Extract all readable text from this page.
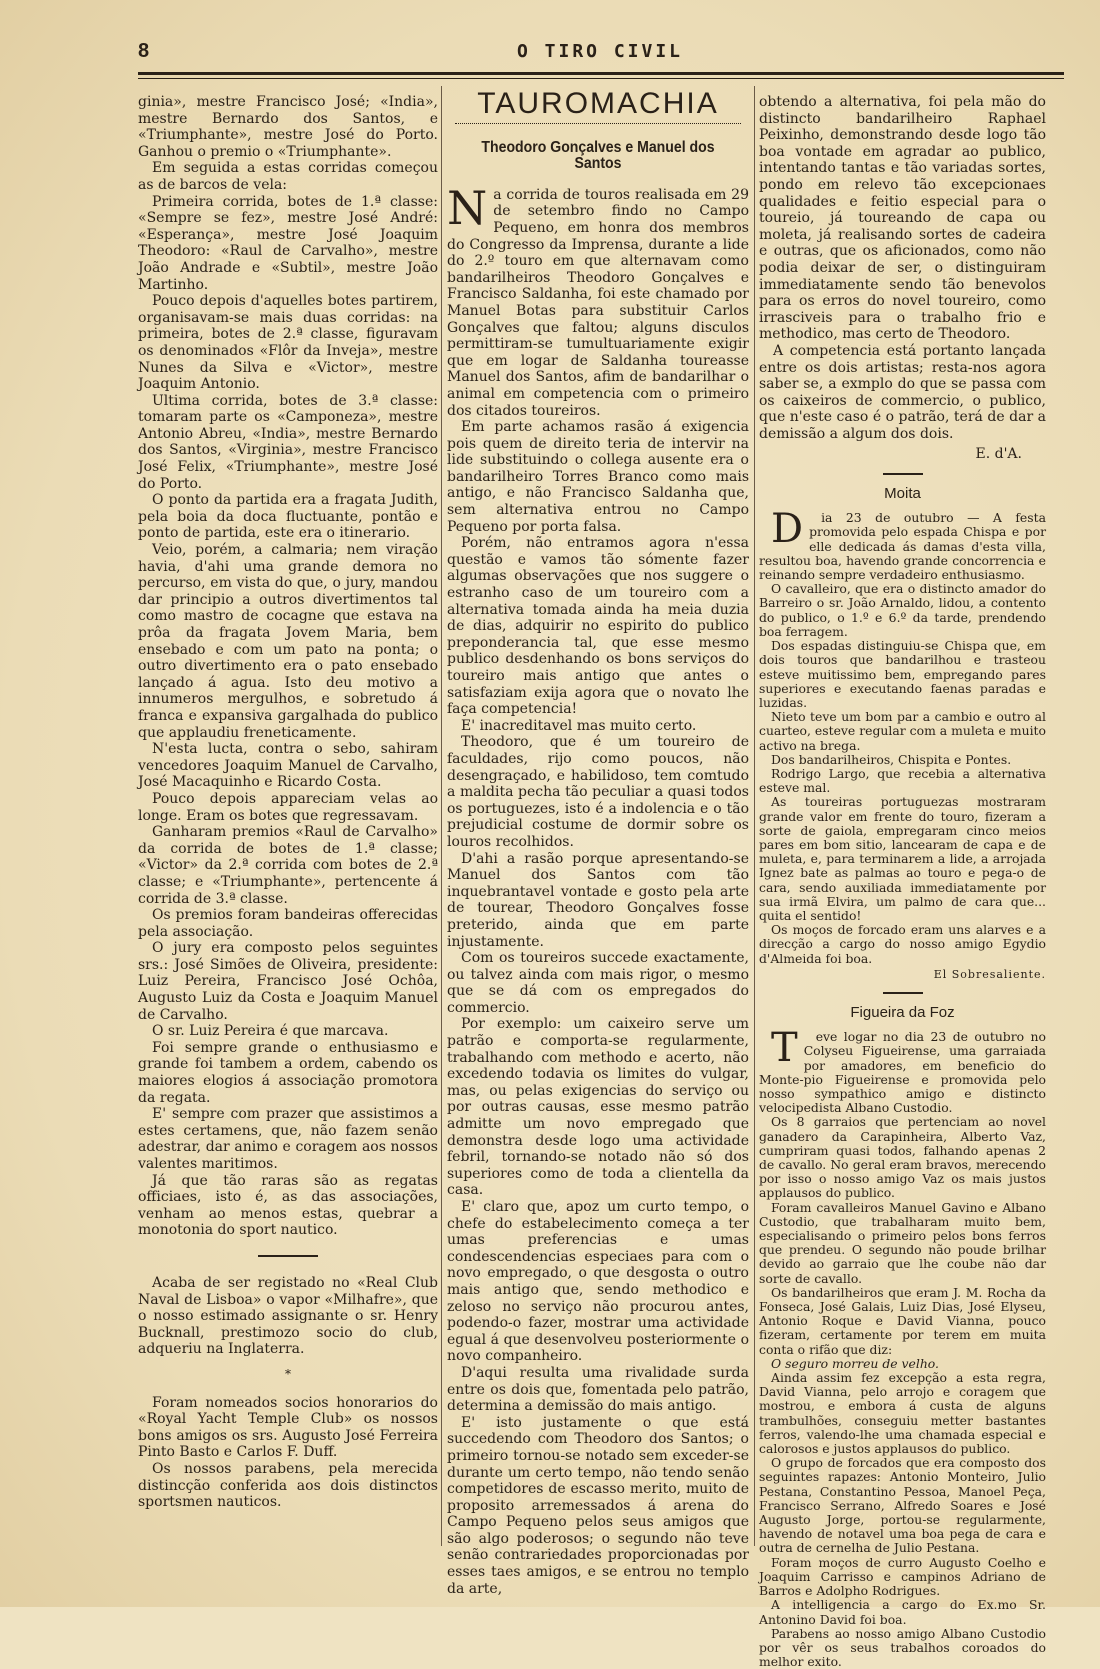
8	O TIRO CIVIL

ginia», mestre Francisco José; «India», mestre Bernardo dos Santos, e «Triumphante», mestre José do Porto. Ganhou o premio o «Triumphante».

Em seguida a estas corridas começou as de barcos de vela:

Primeira corrida, botes de 1.ª classe: «Sempre se fez», mestre José André: «Esperança», mestre José Joaquim Theodoro: «Raul de Carvalho», mestre João Andrade e «Subtil», mestre João Martinho.

Pouco depois d'aquelles botes partirem, organisavam-se mais duas corridas: na primeira, botes de 2.ª classe, figuravam os denominados «Flôr da Inveja», mestre Nunes da Silva e «Victor», mestre Joaquim Antonio.

Ultima corrida, botes de 3.ª classe: tomaram parte os «Camponeza», mestre Antonio Abreu, «India», mestre Bernardo dos Santos, «Virginia», mestre Francisco José Felix, «Triumphante», mestre José do Porto.

O ponto da partida era a fragata Judith, pela boia da doca fluctuante, pontão e ponto de partida, este era o itinerario.

Veio, porém, a calmaria; nem viração havia, d'ahi uma grande demora no percurso, em vista do que, o jury, mandou dar principio a outros divertimentos tal como mastro de cocagne que estava na prôa da fragata Jovem Maria, bem ensebado e com um pato na ponta; o outro divertimento era o pato ensebado lançado á agua. Isto deu motivo a innumeros mergulhos, e sobretudo á franca e expansiva gargalhada do publico que applaudiu freneticamente.

N'esta lucta, contra o sebo, sahiram vencedores Joaquim Manuel de Carvalho, José Macaquinho e Ricardo Costa.

Pouco depois appareciam velas ao longe. Eram os botes que regressavam.

Ganharam premios «Raul de Carvalho» da corrida de botes de 1.ª classe; «Victor» da 2.ª corrida com botes de 2.ª classe; e «Triumphante», pertencente á corrida de 3.ª classe.

Os premios foram bandeiras offerecidas pela associação.

O jury era composto pelos seguintes srs.: José Simões de Oliveira, presidente: Luiz Pereira, Francisco José Ochôa, Augusto Luiz da Costa e Joaquim Manuel de Carvalho.

O sr. Luiz Pereira é que marcava.

Foi sempre grande o enthusiasmo e grande foi tambem a ordem, cabendo os maiores elogios á associação promotora da regata.

E' sempre com prazer que assistimos a estes certamens, que, não fazem senão adestrar, dar animo e coragem aos nossos valentes maritimos.

Já que tão raras são as regatas officiaes, isto é, as das associações, venham ao menos estas, quebrar a monotonia do sport nautico.

Acaba de ser registado no «Real Club Naval de Lisboa» o vapor «Milhafre», que o nosso estimado assignante o sr. Henry Bucknall, prestimozo socio do club, adqueriu na Inglaterra.

*

Foram nomeados socios honorarios do «Royal Yacht Temple Club» os nossos bons amigos os srs. Augusto José Ferreira Pinto Basto e Carlos F. Duff.

Os nossos parabens, pela merecida distincção conferida aos dois distinctos sportsmen nauticos.

TAUROMACHIA
Theodoro Gonçalves e Manuel dos Santos

Na corrida de touros realisada em 29 de setembro findo no Campo Pequeno, em honra dos membros do Congresso da Imprensa, durante a lide do 2.º touro em que alternavam como bandarilheiros Theodoro Gonçalves e Francisco Saldanha, foi este chamado por Manuel Botas para substituir Carlos Gonçalves que faltou; alguns disculos permittiram-se tumultuariamente exigir que em logar de Saldanha toureasse Manuel dos Santos, afim de bandarilhar o animal em competencia com o primeiro dos citados toureiros.

Em parte achamos rasão á exigencia pois quem de direito teria de intervir na lide substituindo o collega ausente era o bandarilheiro Torres Branco como mais antigo, e não Francisco Saldanha que, sem alternativa entrou no Campo Pequeno por porta falsa.

Porém, não entramos agora n'essa questão e vamos tão sómente fazer algumas observações que nos suggere o estranho caso de um toureiro com a alternativa tomada ainda ha meia duzia de dias, adquirir no espirito do publico preponderancia tal, que esse mesmo publico desdenhando os bons serviços do toureiro mais antigo que antes o satisfaziam exija agora que o novato lhe faça competencia!

E' inacreditavel mas muito certo.

Theodoro, que é um toureiro de faculdades, rijo como poucos, não desengraçado, e habilidoso, tem comtudo a maldita pecha tão peculiar a quasi todos os portuguezes, isto é a indolencia e o tão prejudicial costume de dormir sobre os louros recolhidos.

D'ahi a rasão porque apresentando-se Manuel dos Santos com tão inquebrantavel vontade e gosto pela arte de tourear, Theodoro Gonçalves fosse preterido, ainda que em parte injustamente.

Com os toureiros succede exactamente, ou talvez ainda com mais rigor, o mesmo que se dá com os empregados do commercio.

Por exemplo: um caixeiro serve um patrão e comporta-se regularmente, trabalhando com methodo e acerto, não excedendo todavia os limites do vulgar, mas, ou pelas exigencias do serviço ou por outras causas, esse mesmo patrão admitte um novo empregado que demonstra desde logo uma actividade febril, tornando-se notado não só dos superiores como de toda a clientella da casa.

E' claro que, apoz um curto tempo, o chefe do estabelecimento começa a ter umas preferencias e umas condescendencias especiaes para com o novo empregado, o que desgosta o outro mais antigo que, sendo methodico e zeloso no serviço não procurou antes, podendo-o fazer, mostrar uma actividade egual á que desenvolveu posteriormente o novo companheiro.

D'aqui resulta uma rivalidade surda entre os dois que, fomentada pelo patrão, determina a demissão do mais antigo.

E' isto justamente o que está succedendo com Theodoro dos Santos; o primeiro tornou-se notado sem exceder-se durante um certo tempo, não tendo senão competidores de escasso merito, muito de proposito arremessados á arena do Campo Pequeno pelos seus amigos que são algo poderosos; o segundo não teve senão contrariedades proporcionadas por esses taes amigos, e se entrou no templo da arte,

obtendo a alternativa, foi pela mão do distincto bandarilheiro Raphael Peixinho, demonstrando desde logo tão boa vontade em agradar ao publico, intentando tantas e tão variadas sortes, pondo em relevo tão excepcionaes qualidades e feitio especial para o toureio, já toureando de capa ou moleta, já realisando sortes de cadeira e outras, que os aficionados, como não podia deixar de ser, o distinguiram immediatamente sendo tão benevolos para os erros do novel toureiro, como irrasciveis para o trabalho frio e methodico, mas certo de Theodoro.

A competencia está portanto lançada entre os dois artistas; resta-nos agora saber se, a exmplo do que se passa com os caixeiros de commercio, o publico, que n'este caso é o patrão, terá de dar a demissão a algum dos dois.

E. d'A.
Moita

D ia 23 de outubro — A festa promovida pelo espada Chispa e por elle dedicada ás damas d'esta villa, resultou boa, havendo grande concorrencia e reinando sempre verdadeiro enthusiasmo.

O cavalleiro, que era o distincto amador do Barreiro o sr. João Arnaldo, lidou, a contento do publico, o 1.º e 6.º da tarde, prendendo boa ferragem.

Dos espadas distinguiu-se Chispa que, em dois touros que bandarilhou e trasteou esteve muitissimo bem, empregando pares superiores e executando faenas paradas e luzidas.

Nieto teve um bom par a cambio e outro al cuarteo, esteve regular com a muleta e muito activo na brega.

Dos bandarilheiros, Chispita e Pontes.

Rodrigo Largo, que recebia a alternativa esteve mal.

As toureiras portuguezas mostraram grande valor em frente do touro, fizeram a sorte de gaiola, empregaram cinco meios pares em bom sitio, lancearam de capa e de muleta, e, para terminarem a lide, a arrojada Ignez bate as palmas ao touro e pega-o de cara, sendo auxiliada immediatamente por sua irmã Elvira, um palmo de cara que... quita el sentido!

Os moços de forcado eram uns alarves e a direcção a cargo do nosso amigo Egydio d'Almeida foi boa.

El Sobresaliente.
Figueira da Foz

T eve logar no dia 23 de outubro no Colyseu Figueirense, uma garraiada por amadores, em beneficio do Monte-pio Figueirense e promovida pelo nosso sympathico amigo e distincto velocipedista Albano Custodio.

Os 8 garraios que pertenciam ao novel ganadero da Carapinheira, Alberto Vaz, cumpriram quasi todos, falhando apenas 2 de cavallo. No geral eram bravos, merecendo por isso o nosso amigo Vaz os mais justos applausos do publico.

Foram cavalleiros Manuel Gavino e Albano Custodio, que trabalharam muito bem, especialisando o primeiro pelos bons ferros que prendeu. O segundo não poude brilhar devido ao garraio que lhe coube não dar sorte de cavallo.

Os bandarilheiros que eram J. M. Rocha da Fonseca, José Galais, Luiz Dias, José Elyseu, Antonio Roque e David Vianna, pouco fizeram, certamente por terem em muita conta o rifão que diz:

O seguro morreu de velho.

Ainda assim fez excepção a esta regra, David Vianna, pelo arrojo e coragem que mostrou, e embora á custa de alguns trambulhões, conseguiu metter bastantes ferros, valendo-lhe uma chamada especial e calorosos e justos applausos do publico.

O grupo de forcados que era composto dos seguintes rapazes: Antonio Monteiro, Julio Pestana, Constantino Pessoa, Manoel Peça, Francisco Serrano, Alfredo Soares e José Augusto Jorge, portou-se regularmente, havendo de notavel uma boa pega de cara e outra de cernelha de Julio Pestana.

Foram moços de curro Augusto Coelho e Joaquim Carrisso e campinos Adriano de Barros e Adolpho Rodrigues.

A intelligencia a cargo do Ex.mo Sr. Antonino David foi boa.

Parabens ao nosso amigo Albano Custodio por vêr os seus trabalhos coroados do melhor exito.
